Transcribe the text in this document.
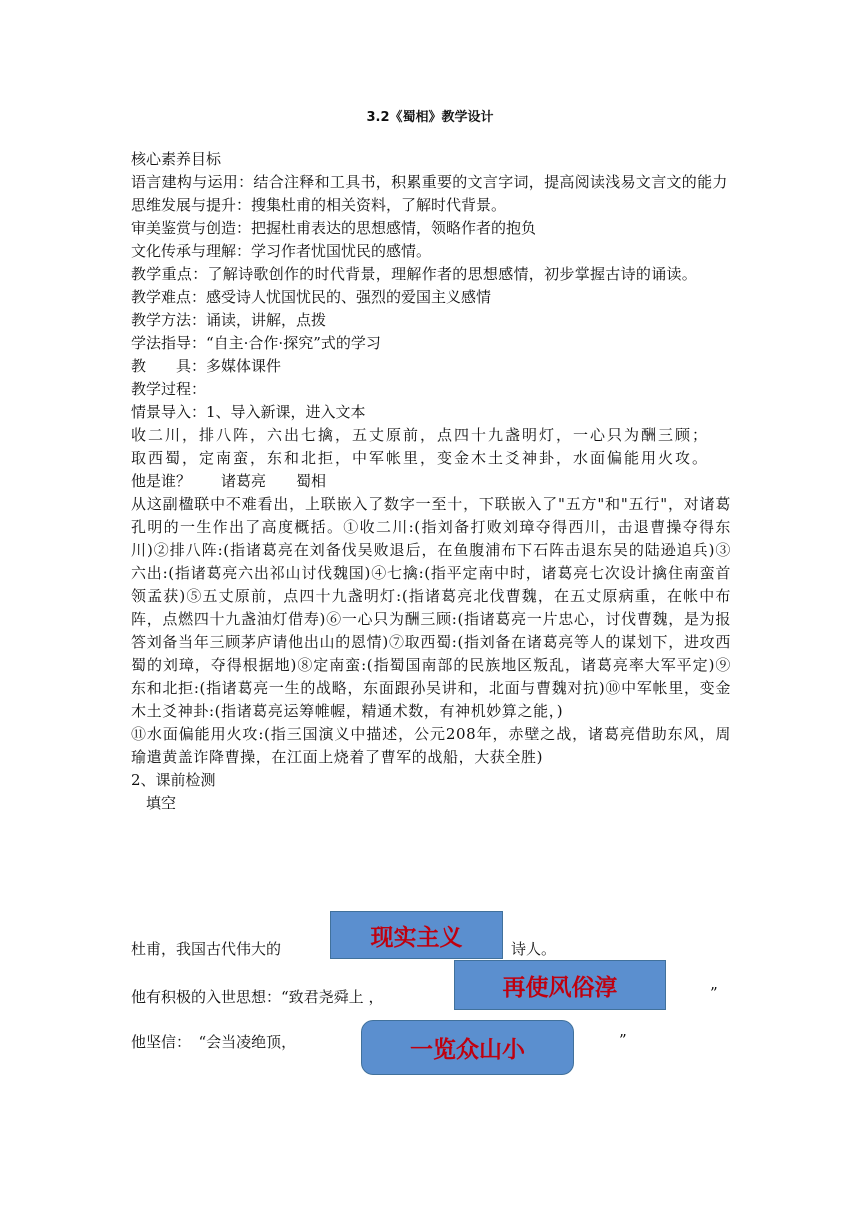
3.2《蜀相》教学设计
核心素养目标
语言建构与运用：结合注释和工具书，积累重要的文言字词，提高阅读浅易文言文的能力
思维发展与提升：搜集杜甫的相关资料，了解时代背景。
审美鉴赏与创造：把握杜甫表达的思想感情，领略作者的抱负
文化传承与理解：学习作者忧国忧民的感情。
教学重点：了解诗歌创作的时代背景，理解作者的思想感情，初步掌握古诗的诵读。
教学难点：感受诗人忧国忧民的、强烈的爱国主义感情
教学方法：诵读，讲解，点拨
学法指导：“自主·合作·探究”式的学习
教　　具：多媒体课件
教学过程：
情景导入：1、导入新课，进入文本
收二川，排八阵，六出七擒，五丈原前，点四十九盏明灯，一心只为酬三顾；
取西蜀，定南蛮，东和北拒，中军帐里，变金木土爻神卦，水面偏能用火攻。
他是谁？　　诸葛亮　　蜀相
从这副楹联中不难看出，上联嵌入了数字一至十，下联嵌入了"五方"和"五行"，对诸葛孔明的一生作出了高度概括。①收二川:(指刘备打败刘璋夺得西川，击退曹操夺得东川)②排八阵:(指诸葛亮在刘备伐吴败退后，在鱼腹浦布下石阵击退东吴的陆逊追兵)③六出:(指诸葛亮六出祁山讨伐魏国)④七擒:(指平定南中时，诸葛亮七次设计擒住南蛮首领孟获)⑤五丈原前，点四十九盏明灯:(指诸葛亮北伐曹魏，在五丈原病重，在帐中布阵，点燃四十九盏油灯借寿)⑥一心只为酬三顾:(指诸葛亮一片忠心，讨伐曹魏，是为报答刘备当年三顾茅庐请他出山的恩情)⑦取西蜀:(指刘备在诸葛亮等人的谋划下，进攻西蜀的刘璋，夺得根据地)⑧定南蛮:(指蜀国南部的民族地区叛乱，诸葛亮率大军平定)⑨东和北拒:(指诸葛亮一生的战略，东面跟孙吴讲和，北面与曹魏对抗)⑩中军帐里，变金木土爻神卦:(指诸葛亮运筹帷幄，精通术数，有神机妙算之能，)
⑪水面偏能用火攻:(指三国演义中描述，公元208年，赤壁之战，诸葛亮借助东风，周瑜遣黄盖诈降曹操，在江面上烧着了曹军的战船，大获全胜)
2、课前检测
　填空
杜甫，我国古代伟大的	诗人。
他有积极的入世思想：“致君尧舜上 ，	”
他坚信：　“会当凌绝顶，	”
现实主义
再使风俗淳
一览众山小
